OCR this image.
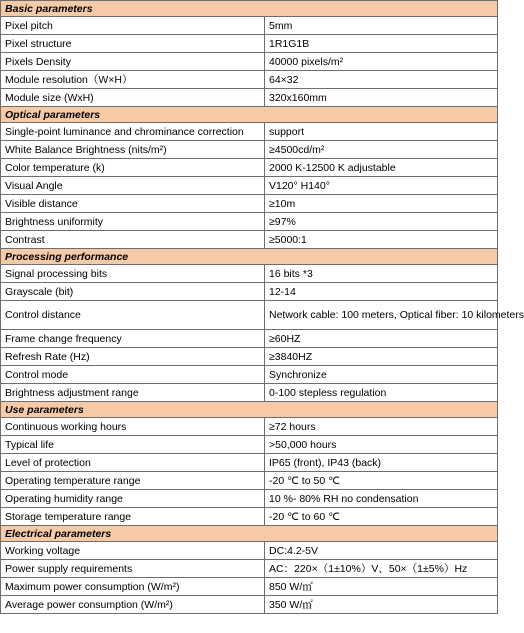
Basic parameters	
Pixel pitch	5mm
Pixel structure	1R1G1B
Pixels Density	40000 pixels/m²
Module resolution（W×H）	64×32
Module size (WxH)	320x160mm
Optical parameters	
Single-point luminance and chrominance correction	support
White Balance Brightness (nits/m²)	≥4500cd/m²
Color temperature (k)	2000 K-12500 K adjustable
Visual Angle	V120° H140°
Visible distance	≥10m
Brightness uniformity	≥97%
Contrast	≥5000:1
Processing performance	
Signal processing bits	16 bits *3
Grayscale (bit)	12-14
Control distance	Network cable: 100 meters, Optical fiber: 10 kilometers
Frame change frequency	≥60HZ
Refresh Rate (Hz)	≥3840HZ
Control mode	Synchronize
Brightness adjustment range	0-100 stepless regulation
Use parameters	
Continuous working hours	≥72 hours
Typical life	>50,000 hours
Level of protection	IP65 (front), IP43 (back)
Operating temperature range	-20 ℃ to 50 ℃
Operating humidity range	10 %- 80% RH no condensation
Storage temperature range	-20 ℃ to 60 ℃
Electrical parameters	
Working voltage	DC:4.2-5V
Power supply requirements	AC：220×（1±10%）V、50×（1±5%）Hz
Maximum power consumption (W/m²)	850 W/㎡
Average power consumption (W/m²)	350 W/㎡
